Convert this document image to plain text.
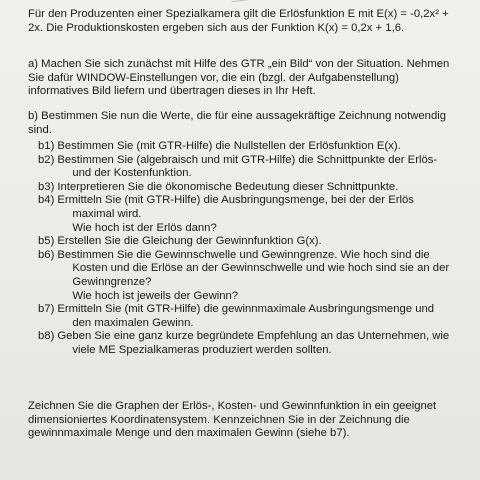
Für den Produzenten einer Spezialkamera gilt die Erlösfunktion E mit E(x) = -0,2x² +

2x. Die Produktionskosten ergeben sich aus der Funktion K(x) = 0,2x + 1,6.

a) Machen Sie sich zunächst mit Hilfe des GTR „ein Bild“ von der Situation. Nehmen

Sie dafür WINDOW-Einstellungen vor, die ein (bzgl. der Aufgabenstellung)

informatives Bild liefern und übertragen dieses in Ihr Heft.

b) Bestimmen Sie nun die Werte, die für eine aussagekräftige Zeichnung notwendig

sind.

b1) Bestimmen Sie (mit GTR-Hilfe) die Nullstellen der Erlösfunktion E(x).
b2) Bestimmen Sie (algebraisch und mit GTR-Hilfe) die Schnittpunkte der Erlös-
und der Kostenfunktion.
b3) Interpretieren Sie die ökonomische Bedeutung dieser Schnittpunkte.
b4) Ermitteln Sie (mit GTR-Hilfe) die Ausbringungsmenge, bei der der Erlös
maximal wird.
Wie hoch ist der Erlös dann?
b5) Erstellen Sie die Gleichung der Gewinnfunktion G(x).
b6) Bestimmen Sie die Gewinnschwelle und Gewinngrenze. Wie hoch sind die
Kosten und die Erlöse an der Gewinnschwelle und wie hoch sind sie an der
Gewinngrenze?
Wie hoch ist jeweils der Gewinn?
b7) Ermitteln Sie (mit GTR-Hilfe) die gewinnmaximale Ausbringungsmenge und
den maximalen Gewinn.
b8) Geben Sie eine ganz kurze begründete Empfehlung an das Unternehmen, wie
viele ME Spezialkameras produziert werden sollten.

Zeichnen Sie die Graphen der Erlös-, Kosten- und Gewinnfunktion in ein geeignet

dimensioniertes Koordinatensystem. Kennzeichnen Sie in der Zeichnung die

gewinnmaximale Menge und den maximalen Gewinn (siehe b7).
